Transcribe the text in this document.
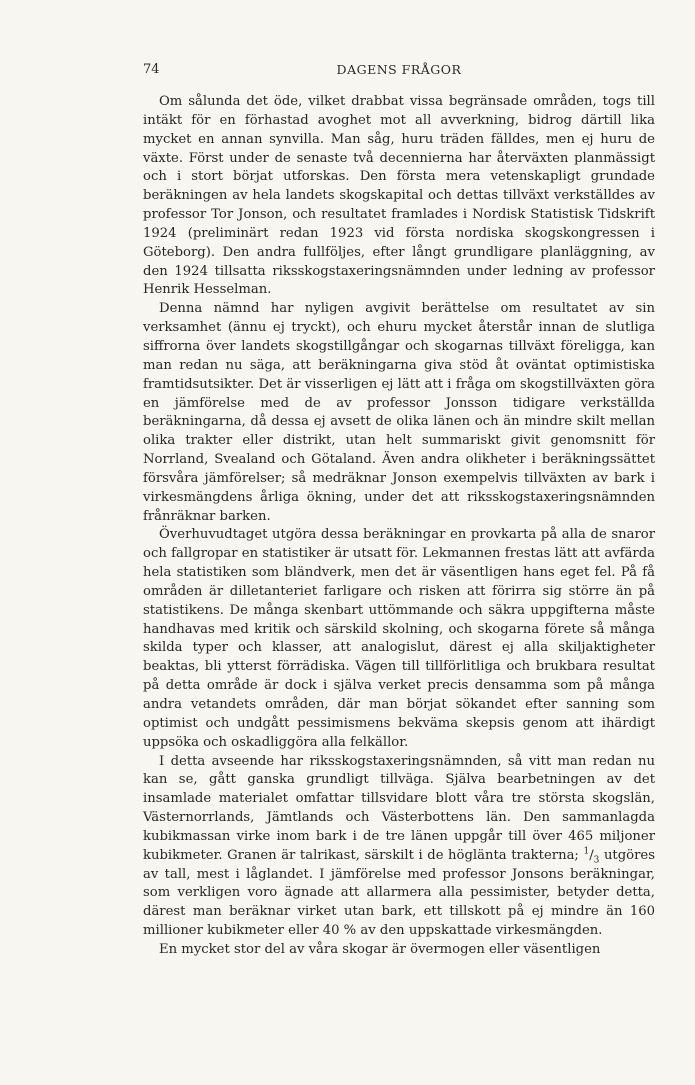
74	DAGENS FRÅGOR

Om sålunda det öde, vilket drabbat vissa begränsade områden, togs till intäkt för en förhastad avoghet mot all avverkning, bidrog därtill lika mycket en annan synvilla. Man såg, huru träden fälldes, men ej huru de växte. Först under de senaste två decennierna har återväxten planmässigt och i stort börjat utforskas. Den första mera vetenskapligt grundade beräkningen av hela landets skogskapital och dettas tillväxt verkställdes av professor Tor Jonson, och resultatet framlades i Nordisk Statistisk Tidskrift 1924 (preliminärt redan 1923 vid första nordiska skogskongressen i Göteborg). Den andra fullföljes, efter långt grundligare planläggning, av den 1924 tillsatta riksskogstaxeringsnämnden under ledning av professor Henrik Hesselman.

Denna nämnd har nyligen avgivit berättelse om resultatet av sin verksamhet (ännu ej tryckt), och ehuru mycket återstår innan de slutliga siffrorna över landets skogstillgångar och skogarnas tillväxt föreligga, kan man redan nu säga, att beräkningarna giva stöd åt oväntat optimistiska framtidsutsikter. Det är visserligen ej lätt att i fråga om skogstillväxten göra en jämförelse med de av professor Jonsson tidigare verkställda beräkningarna, då dessa ej avsett de olika länen och än mindre skilt mellan olika trakter eller distrikt, utan helt summariskt givit genomsnitt för Norrland, Svealand och Götaland. Även andra olikheter i beräkningssättet försvåra jämförelser; så medräknar Jonson exempelvis tillväxten av bark i virkesmängdens årliga ökning, under det att riksskogstaxeringsnämnden frånräknar barken.

Överhuvudtaget utgöra dessa beräkningar en provkarta på alla de snaror och fallgropar en statistiker är utsatt för. Lekmannen frestas lätt att avfärda hela statistiken som bländverk, men det är väsentligen hans eget fel. På få områden är dilletanteriet farligare och risken att förirra sig större än på statistikens. De många skenbart uttömmande och säkra uppgifterna måste handhavas med kritik och särskild skolning, och skogarna förete så många skilda typer och klasser, att analogislut, därest ej alla skiljaktigheter beaktas, bli ytterst förrädiska. Vägen till tillförlitliga och brukbara resultat på detta område är dock i själva verket precis densamma som på många andra vetandets områden, där man börjat sökandet efter sanning som optimist och undgått pessimismens bekväma skepsis genom att ihärdigt uppsöka och oskadliggöra alla felkällor.

I detta avseende har riksskogstaxeringsnämnden, så vitt man redan nu kan se, gått ganska grundligt tillväga. Själva bearbetningen av det insamlade materialet omfattar tillsvidare blott våra tre största skogslän, Västernorrlands, Jämtlands och Västerbottens län. Den sammanlagda kubikmassan virke inom bark i de tre länen uppgår till över 465 miljoner kubikmeter. Granen är talrikast, särskilt i de höglänta trakterna; $^1/_3$ utgöres av tall, mest i låglandet. I jämförelse med professor Jonsons beräkningar, som verkligen voro ägnade att allarmera alla pessimister, betyder detta, därest man beräknar virket utan bark, ett tillskott på ej mindre än 160 millioner kubikmeter eller 40 % av den uppskattade virkesmängden.

En mycket stor del av våra skogar är övermogen eller väsentligen
